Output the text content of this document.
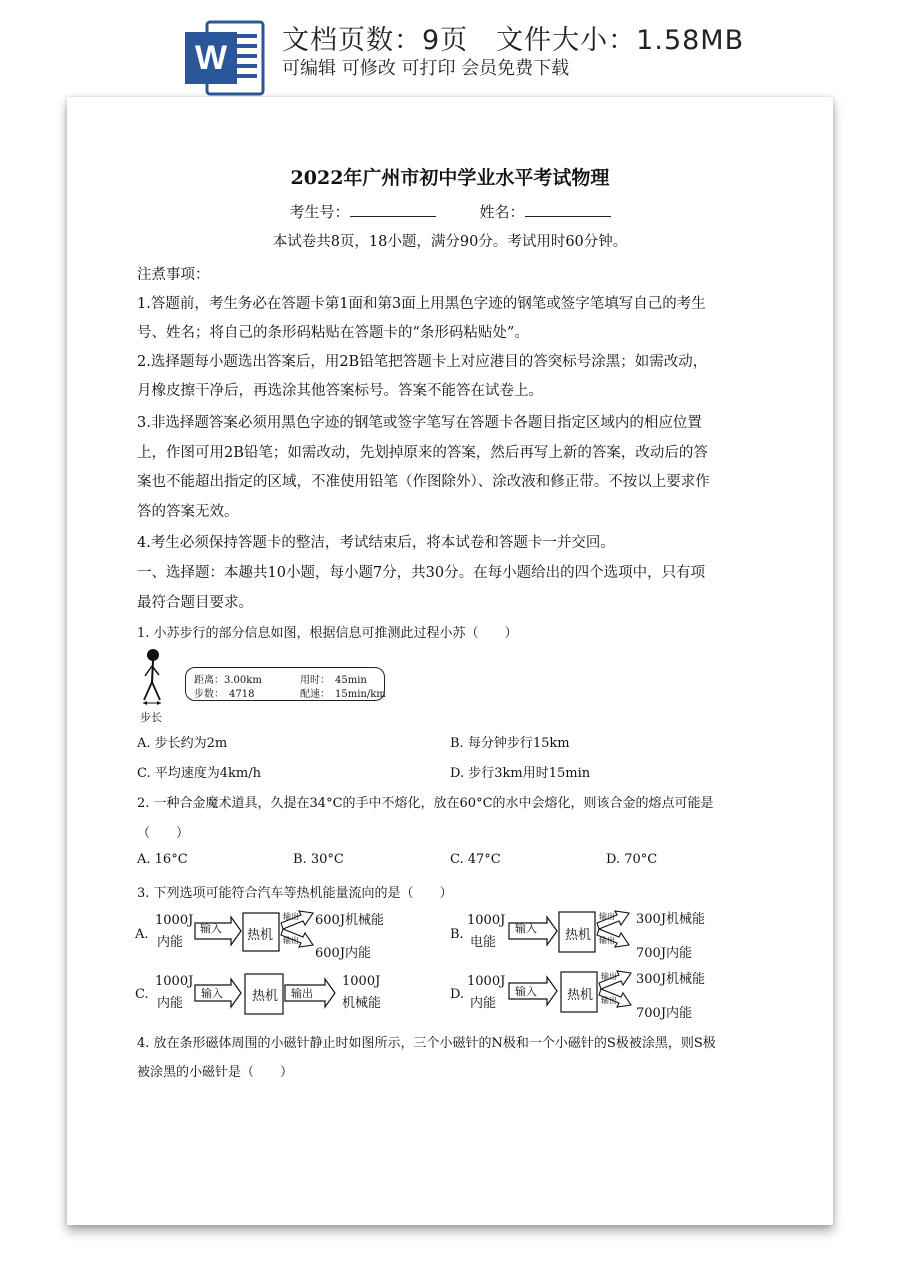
W 文档页数：9页　文件大小：1.58MB
可编辑 可修改 可打印 会员免费下载
2022年广州市初中学业水平考试物理
考生号：	姓名：
本试卷共8页，18小题，满分90分。考试用时60分钟。
注煮事项：
1.答题前，考生务必在答题卡第1面和第3面上用黑色字迹的钢笔或签字笔填写自己的考生
号、姓名；将自己的条形码粘贴在答题卡的“条形码粘贴处”。
2.选择题每小题选出答案后，用2B铅笔把答题卡上对应港目的答突标号涂黑；如需改动，
月橡皮擦干净后，再选涂其他答案标号。答案不能答在试卷上。
3.非选择题答案必须用黑色字迹的钢笔或签字笔写在答题卡各题目指定区域内的相应位置
上，作图可用2B铅笔；如需改动，先划掉原来的答案，然后再写上新的答案，改动后的答
案也不能超出指定的区域，不准使用铅笔（作图除外）、涂改液和修正带。不按以上要求作
答的答案无效。
4.考生必须保持答题卡的整洁，考试结束后，将本试卷和答题卡一并交回。
一、选择题：本趣共10小题，每小题7分，共30分。在每小题给出的四个选项中，只有项
最符合题目要求。
1. 小苏步行的部分信息如图，根据信息可推测此过程小苏（　　）
步长
距离：3.00km	用时：　45min
步数：　4718	配速：　15min/km
A. 步长约为2m	B. 每分钟步行15km
C. 平均速度为4km/h	D. 步行3km用时15min
2. 一种合金魔术道具，久提在34°C的手中不熔化，放在60°C的水中会熔化，则该合金的熔点可能是
（　　）
A. 16°C	B. 30°C	C. 47°C	D. 70°C
3. 下列选项可能符合汽车等热机能量流向的是（　　）
A.
1000J
内能
输入 热机
输出
输出
600J机械能
600J内能
B.
1000J
电能
输入 热机
输出
输出
300J机械能
700J内能
C.
1000J
内能
输入 热机 输出
1000J
机械能
D.
1000J
内能
输入 热机
输出
输出
300J机械能
700J内能
4. 放在条形磁体周围的小磁针静止时如图所示，三个小磁针的N极和一个小磁针的S极被涂黑，则S极
被涂黑的小磁针是（　　）
